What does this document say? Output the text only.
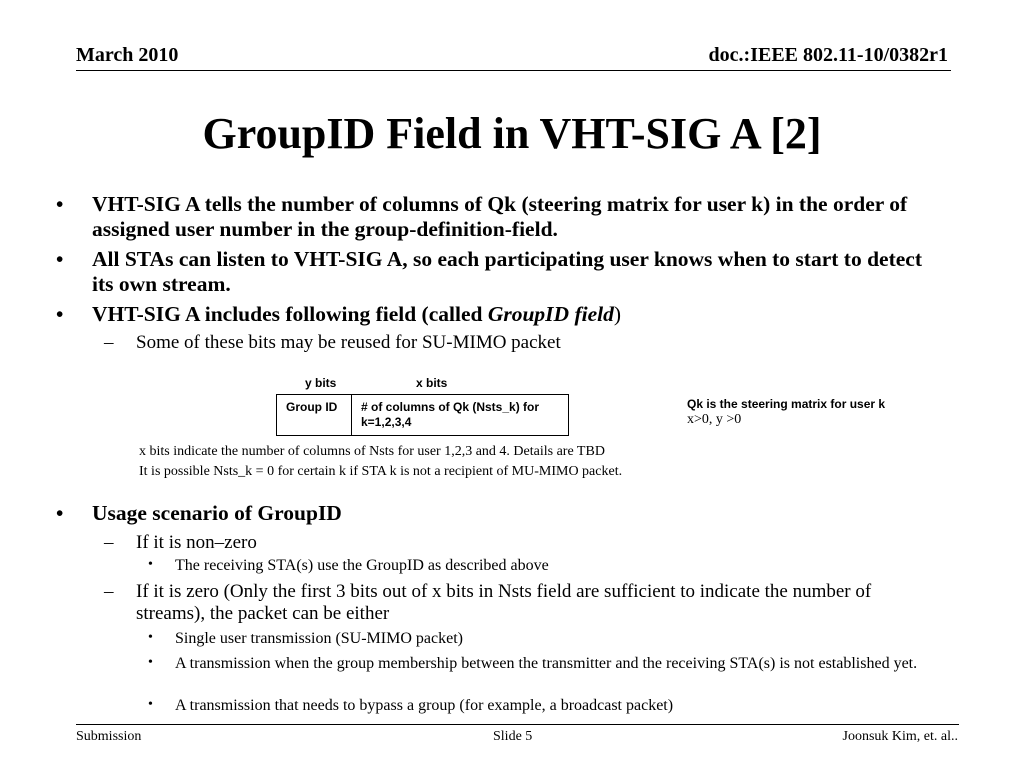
March 2010	doc.:IEEE 802.11-10/0382r1
GroupID Field in VHT-SIG A [2]
• VHT-SIG A tells the number of columns of Qk (steering matrix for user k) in the order of assigned user number in the group-definition-field.
• All STAs can listen to VHT-SIG A, so each participating user knows when to start to detect its own stream.
• VHT-SIG A includes following field (called GroupID field)
– Some of these bits may be reused for SU-MIMO packet
y bits	x bits
Group ID	# of columns of Qk (Nsts_k) for k=1,2,3,4
Qk is the steering matrix for user k
x>0, y >0
x bits indicate the number of columns of Nsts for user 1,2,3 and 4. Details are TBD
It is possible Nsts_k = 0 for certain k if STA k is not a recipient of MU-MIMO packet.
• Usage scenario of GroupID
– If it is non–zero
• The receiving STA(s) use the GroupID as described above
– If it is zero (Only the first 3 bits out of x bits in Nsts field are sufficient to indicate the number of streams), the packet can be either
• Single user transmission (SU-MIMO packet)
• A transmission when the group membership between the transmitter and the receiving STA(s) is not established yet.
• A transmission that needs to bypass a group (for example, a broadcast packet)
Submission	Slide 5	Joonsuk Kim, et. al..
